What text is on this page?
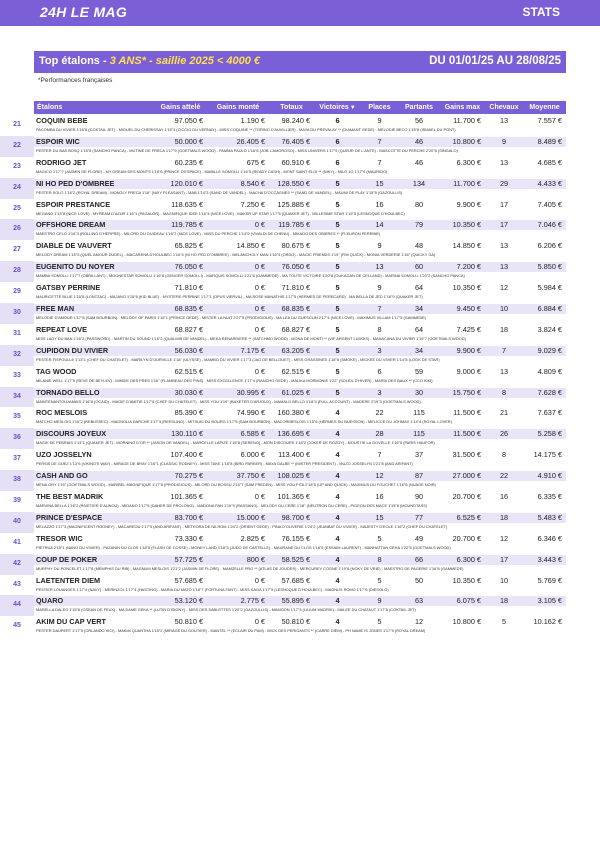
24H LE MAG	STATS
Top étalons - 3 ANS* - saillie 2025 < 4000 €	DU 01/01/25 AU 28/08/25
*Performances françaises
Étalons	Gains attelé	Gains monté	Totaux	Victoires▼	Places	Partants	Gains max	Chevaux	Moyenne
21	COQUIN BEBE	97.050 €	1.190 €	98.240 €	6	9	56	11.700 €	13	7.557 €
PACOMBA DU VIVIER 1'16"8 (COKTAIL JET) - MIGUEL DU CHERISSAY 1'15"3 (CICCIO DU VERNAY) - MISS COQUINE ** (TORINO D'AUVILLIER) - MAYA DU PREVALAY ** (DIAMANT GEDE) - MELODIE BECO 1'15"8 (ISMAEL DU PONT)
22	ESPOIR WIC	50.000 €	26.405 €	76.405 €	6	7	46	10.800 €	9	8.489 €
PESTER DU BAS BOSQ 1'15"8 (SANCHO PANCA) - MUTINE DE FRECA 1'17"9 (GOETMALS WOOD) - PAMMA PAULO 1'16"6 (JOB L'AMOROSO) - MISS UNIVERS 1'17"9 (QUEUR DE L'ANTE) - MASCOTTE DU PERCHE 2'20"8 (SINGALO)
23	RODRIGO JET	60.235 €	675 €	60.910 €	6	7	46	6.300 €	13	4.685 €
MAGICO 1'17"7 (JASMIN DE FLORE) - MY DREAM DES MONTS 1'16"6 (PRINCE D'ESPACE) - MABILLE SOMOLLI 1'16"5 (READY CASH) - MONT SAINT ELOI ** (NIKY) - MILO 1O 1'17"9 (MAURIDO)
24	NI HO PED D'OMBREE	120.010 €	8.540 €	128.550 €	5	15	134	11.700 €	29	4.433 €
PESTER SOLO 1'16"2 (ROYAL DREAM) - MONGLY FRECA 1'16" (NIXY PLEASANT) - MAB 1'14"3 (SAND DE VANDEL) - MACHA D'OCCAGNES ** (SAND DE VANDEL) - MAUMI DE PLAY 1'15"5 (GAZOULLIS)
25	ESPOIR PRESTANCE	118.635 €	7.250 €	125.885 €	5	16	80	9.900 €	17	7.405 €
MEGANO 1'15"8 (NICE LOVE) - MYREAM D'AZUR 1'16"1 (PAGALOR) - MAGNIFIQUE IDEE 1'16"4 (NICE LOVE) - MAKER UP STAR 1'17"5 (QUAKER JET) - MILLESIME STAR 1'15"5 (LESNOQUE D'HOULBEC)
26	OFFSHORE DREAM	119.785 €	0 €	119.785 €	5	14	79	10.350 €	17	7.046 €
MAESTRO CELO 1'16"3 (ROLLING D'HERPRE) - MILORD DU GUIDEAU 1'16"7 (NICE LOVE) - MISS DU PERCHE 1'14"9 (VIVALDI DE CHENU) - MIKADO DES OBIERES ** (FLEURON PERRINE)
27	DIABLE DE VAUVERT	65.825 €	14.850 €	80.675 €	5	9	48	14.850 €	13	6.206 €
MELODY DREAM 1'15"5 (QUEL AMOUR DUDEL) - MACARENA D'HOULBEC 1'16"4 (NI HO PED D'OMBREE) - MELANCHOLY MAN 1'16"5 (ORDO) - MAGIC FRIENDS 1'19" (FIM QUICK) - MONIA VERDERIE 1'16" (QUICKY GA)
28	EUGENITO DU NOYER	76.050 €	0 €	76.050 €	5	13	60	7.200 €	13	5.850 €
MAMBA SOMOLLI 1'17"7 (OBRILLANT) - MOONESTAR SOMOLLI 1'16"8 (GENGER SOMOLLI) - MARQUIS SOMOLLI 1'21"6 (GAMMEDE) - MA TOUTE VICTOIRE 1'20"8 (OUKAGAN DE CELLAND) - MARINA SOMOLLI 1'20"2 (SANCHO PANCA)
29	GATSBY PERRINE	71.810 €	0 €	71.810 €	5	9	64	10.350 €	12	5.984 €
MAURICETTE BLUE 1'15"8 (LONTZAC) - MAJANO 1'15"6 (KID BLUE) - MYSTERE PERRINE 1'17"1 (OPUS VIERVIL) - MA ROSE MANATHIS 1'17"5 (HERMES DE PERECARD) - MA BELLA DE JED 1'16"9 (QUAKER JET)
30	FREE MAN	68.835 €	0 €	68.835 €	5	7	34	9.450 €	10	6.884 €
MELODIE D'AMOUR 1'17"8 (SAM BOURBON) - MELODY OF PARIS 1'16"1 (PRINCE GEDE) - MISTER LA NUIT 2'27"5 (PRODIGIOUS) - MA LEA DU GUESCLIN 2'17"4 (NICE LOVE) - MAXIMUS VILLAM 1'17"5 (GAMMEDE)
31	REPEAT LOVE	68.827 €	0 €	68.827 €	5	8	64	7.425 €	18	3.824 €
MISS LADY DU BAN 1'16"3 (PASSWORD) - MARTIN DU SOUND 1'16"2 (QUALMIS DE VANDEL) - MEKA RENARDIERE ** (SATCHMO WOOD) - MONA DE MONTI ** (VIF ARGENT LUDOIS) - MANACANA DU VIVIER 1'19"7 (GOETMALS WOOD)
32	CUPIDON DU VIVIER	56.030 €	7.175 €	63.205 €	5	3	34	9.900 €	7	9.029 €
PESTER FISPOULLE 1'13"1 (CHEF DU CHATELET) - MARILYN D'OURVILLE 1'18" (ULYSSE) - MAMBO DU VIVIER 1'17"3 (JAG DE BELLOUET) - MISS GRASSINES 1'18"8 (SMOKE) - MICKEE DU VIVIER 1'14"8 (LOOK DE STAR)
33	TAG WOOD	62.515 €	0 €	62.515 €	5	6	59	9.000 €	13	4.809 €
MILANIE WELL 1'17"9 (REVE DE BEYLEV) - MINDIE DES PRES 1'16" (FLAMBEAU DES PINS) - MISS EXCELLENCE 1'17"4 (RANCHO GEDE) - MALIKA MORMONIE 1'22" (SOLEIL D'HIVER) - MARIA DES BAUX ** (CCO KIKI)
34	TORNADO BELLO	30.030 €	30.995 €	61.025 €	5	3	30	15.750 €	8	7.628 €
MAINTENANTOUJAMAIS 1'16"8 (OCAID) - MAGIE D'AMITIE 1'17"6 (CHEF DU CHATELET) - MISS YOU 1'19" (BAXETER D'ARJOUX) - MAMALO BELLO 1'18"4 (FULL ACCOUNT) - MADERE 2'19"3 (GOETMALS WOOD)
35	ROC MESLOIS	85.390 €	74.990 €	160.380 €	4	22	115	11.500 €	21	7.637 €
MATCHO MESLOIS 1'15"2 (REBUSSEC) - MAGNOLIA DARCHE 1'17"4 (REESLING) - MITSUKI DU BOURG 1'17"5 (SAM BOURBON) - MACORMESLOIS 1'15"6 (HERMES DU BUESSON) - MELICCE DU JOHMAX 1'14"4 (ROYAL LOVER)
36	DISCOURS JOYEUX	130.110 €	6.585 €	136.695 €	4	28	115	11.500 €	26	5.258 €
MAGIK DE PEBRAIS 1'13"1 (QUAKER JET) - MORNING D'OR ** (JASON DE VANDEL) - MARCELLE LAPIZE 1'16"8 (SERENO) - MON DISCOURS 1'18"2 (JOKER DE ROZOY) - MOUSTIK LA GOVELLE 1'16"5 (PARIS HAUFOR)
37	UZO JOSSELYN	107.400 €	6.000 €	113.400 €	4	7	37	31.500 €	8	14.175 €
PERSIS DE GUEZ 1'13"6 (VIKING'S WAY) - MIRAGE DE BRAY 1'16"1 (CLASSIC RODNEY) - MISS TAKE 1'16"8 (BIRD PARKER) - MAYA GALBE ** (MISTER PRESIDENT) - MUZO JOSSELYN 1'21"8 (AND ARIFANT)
38	CASH AND GO	70.275 €	37.750 €	108.025 €	4	12	87	27.000 €	22	4.910 €
MENA GRY 1'15" (GOETMALS WOOD) - MARIBEL MAGNIFIQUE 1'17"8 (PRODIGIOUS) - MILORD DU BOSSU 2'15"7 (SAM FREDEN) - MISS YOU PITA 2'18"5 (UP AND QUICK) - MAXIMUS DU FOUCHET 1'16"6 (NUAGE NOIR)
39	THE BEST MADRIK	101.365 €	0 €	101.365 €	4	16	90	20.700 €	16	6.335 €
MARVINA BELLA 1'16"2 (RIVETIER D'AUNOU) - MIDANO 1'17"5 (DAHER DE PROLONG) - MADONA PAN 1'19"9 (RASSANO) - MELODY DU CERE 1'18" (NEUTRON DU CERE) - PIGEON DES MACE 1'15"8 (MOUNDTASS)
40	PRINCE D'ESPACE	83.700 €	15.000 €	98.700 €	4	15	77	6.525 €	18	5.483 €
MELAZZO 1'17"3 (MAGNIFICENT RODNEY) - MACAREOU 1'17"5 (AND ARIFANT) - METEORA DE NILROM 1'24"2 (ORIENT GEDE) - PINA D'OLIVERIE 1'24"2 (JEANBAT DU VIVIER) - MAJESTY D'EOLE 1'16"2 (CHEF DU CHATELET)
41	TRESOR WIC	73.330 €	2.825 €	76.155 €	4	5	49	20.700 €	12	6.346 €
PIETRUA 2'15"1 (NANO DU VIVIER) - PAZANIN DU CLOS 1'18"5 (FLASH DE COSSE) - MONEY LAND 1'18"3 (JUDO DE CASTELLE) - MAURANE DU CLOS 1'18"5 (ESSAIM LAURENT) - MANHATTAN CEHA 1'22"6 (GOETMALS WOOD)
42	COUP DE POKER	57.725 €	800 €	58.525 €	4	8	66	6.300 €	17	3.443 €
MURPHY DU PONCELET 1'17"8 (MEMPHIS DU RIB) - MAGNUM MESLOIS 1'21"2 (JASMIN DE FLORE) - MAMZELLE PRO ** (ATLAS DE JOUDES) - MERCUREY COGNE 1'19"6 (NOKY DE VRIE) - MAESTRO DE PAGERIE 1'16"6 (GAMMEDE)
43	LAETENTER DIEM	57.685 €	0 €	57.685 €	4	5	50	10.350 €	10	5.769 €
PESTIER LOUANGES 1'17"4 (NAVY) - MERINZOL 1'17"4 (HASTING) - MARIA DU MATO 1'18"7 (FORTUNA FANT) - MISS SAGA 1'17"9 (LESNOQUE D'HOULBEC) - MAGNUS ROMO 1'17"6 (DIESOLO)
44	QUARO	53.120 €	2.775 €	55.895 €	4	9	63	6.075 €	18	3.105 €
MARELLA DALEO 1'15"6 (OSEAN DE FEUX) - MA DAME GEKA ** (LUTIN D'ISIGNY) - MISS DES SABLETTES 1'20"2 (GAZOULLIS) - MAMOON 1'17"3 (LILIUM MADRIK) - MALEE DU CHATAUT 1'17"5 (COKTAIL JET)
45	AKIM DU CAP VERT	50.810 €	0 €	50.810 €	4	5	12	10.800 €	5	10.162 €
PESTER DAUPERT 1'17"5 (ORLANDO VICI) - MAKIM QUANTHA 1'15"2 (MIRAGE DU GOUTIER) - MANTEL ** (ECLAIR DU PAM) - MICK DES PERIGANTS ** (CARRE DIEM) - PH NAME IS JONES 1'17"9 (ROYAL DREAM)
